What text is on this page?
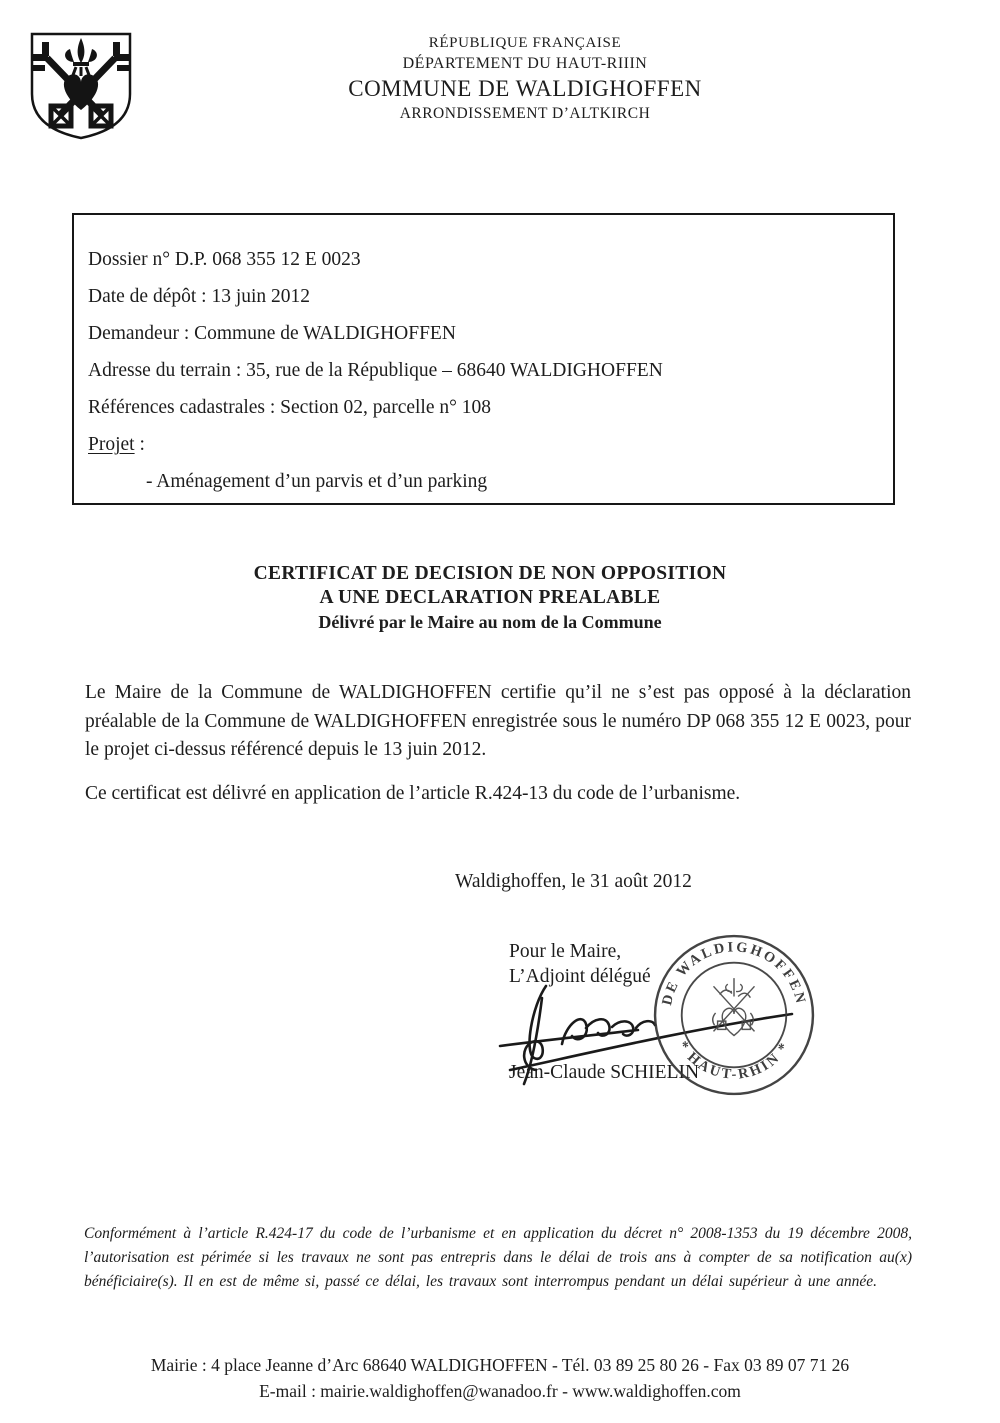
RÉPUBLIQUE FRANÇAISE
DÉPARTEMENT DU HAUT-RIIIN
COMMUNE DE WALDIGHOFFEN
ARRONDISSEMENT D’ALTKIRCH
Dossier n° D.P. 068 355 12 E 0023
Date de dépôt : 13 juin 2012
Demandeur : Commune de WALDIGHOFFEN
Adresse du terrain : 35, rue de la République – 68640 WALDIGHOFFEN
Références cadastrales : Section 02, parcelle n° 108
Projet :
- Aménagement d’un parvis et d’un parking
CERTIFICAT DE DECISION DE NON OPPOSITION
A UNE DECLARATION PREALABLE
Délivré par le Maire au nom de la Commune
Le Maire de la Commune de WALDIGHOFFEN certifie qu’il ne s’est pas opposé à la déclaration préalable de la Commune de WALDIGHOFFEN enregistrée sous le numéro DP 068 355 12 E 0023, pour le projet ci-dessus référencé depuis le 13 juin 2012.
Ce certificat est délivré en application de l’article R.424-13 du code de l’urbanisme.
Waldighoffen, le 31 août 2012
Pour le Maire,
L’Adjoint délégué
Jean-Claude SCHIELIN
DE WALDIGHOFFEN
* HAUT-RHIN *
Conformément à l’article R.424-17 du code de l’urbanisme et en application du décret n° 2008-1353 du 19 décembre 2008, l’autorisation est périmée si les travaux ne sont pas entrepris dans le délai de trois ans à compter de sa notification au(x) bénéficiaire(s). Il en est de même si, passé ce délai, les travaux sont interrompus pendant un délai supérieur à une année.
Mairie : 4 place Jeanne d’Arc 68640 WALDIGHOFFEN - Tél. 03 89 25 80 26 - Fax 03 89 07 71 26
E-mail : mairie.waldighoffen@wanadoo.fr - www.waldighoffen.com
